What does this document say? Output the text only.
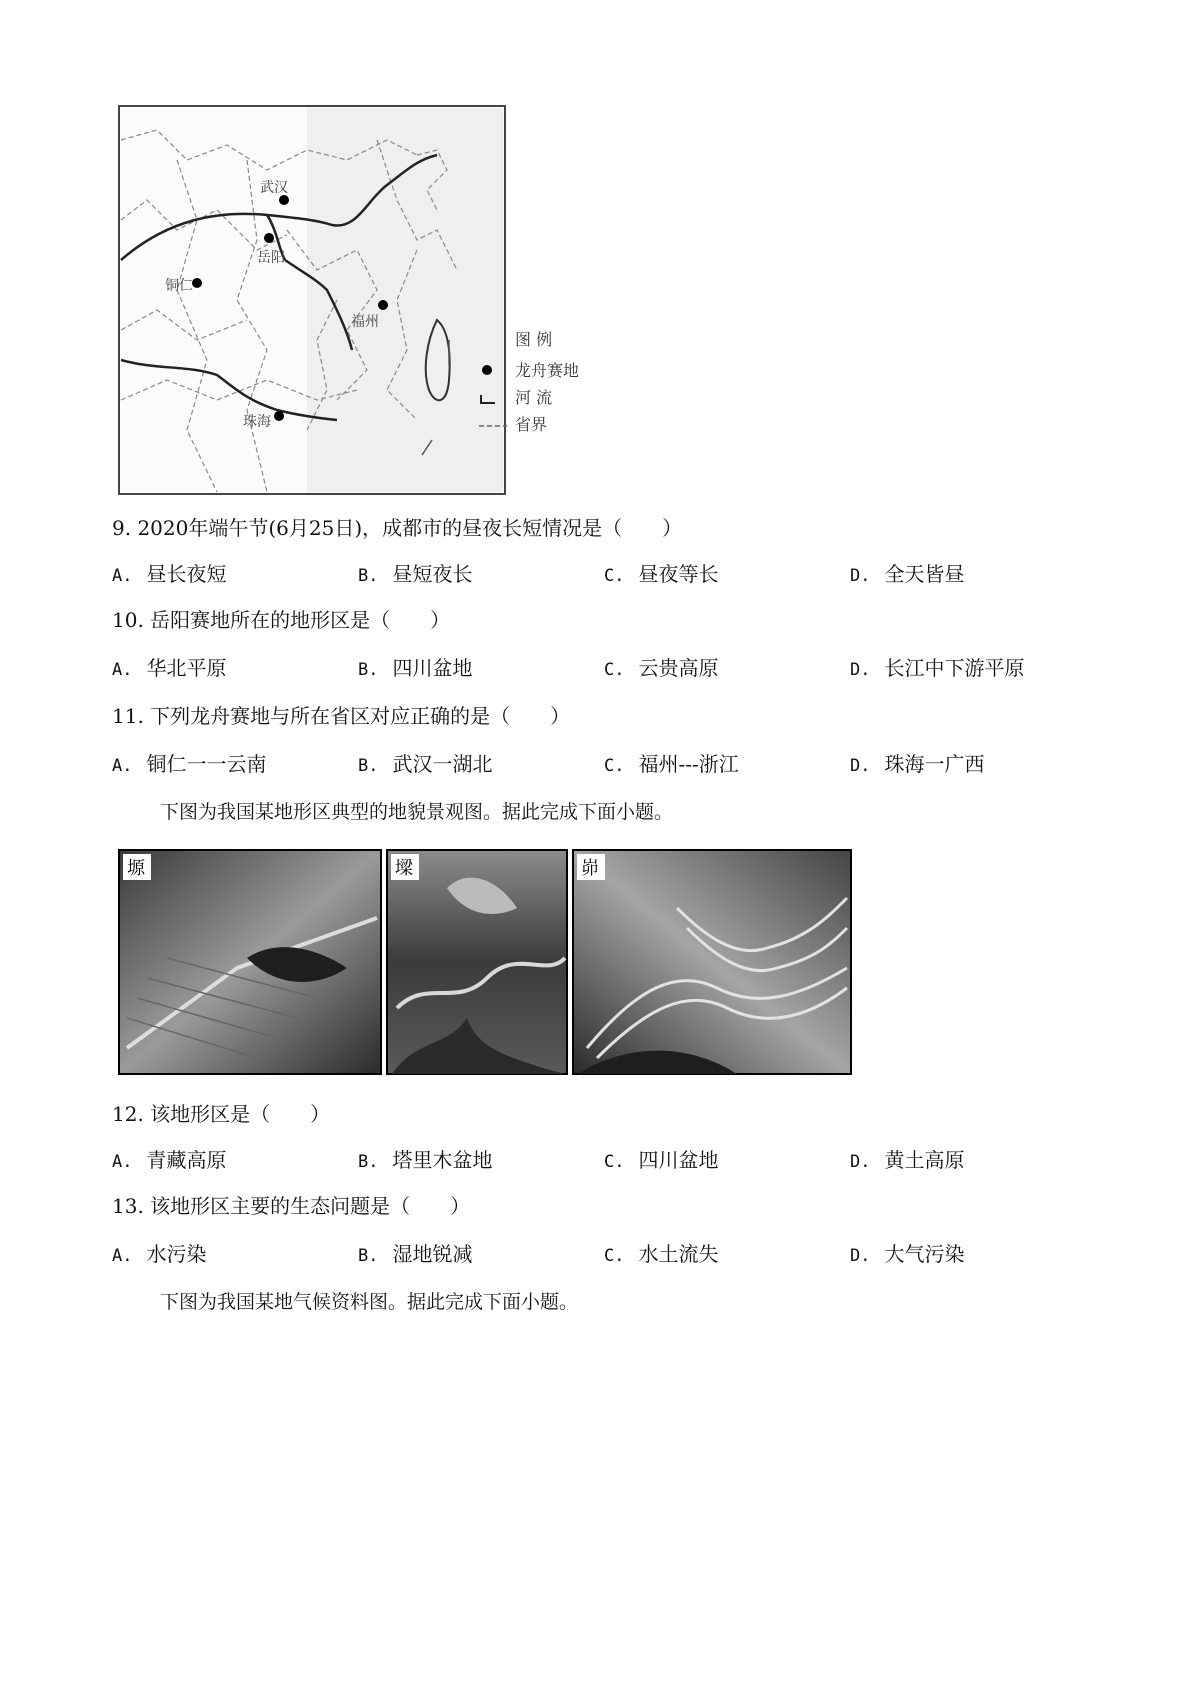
武汉
岳阳
铜仁
福州
珠海
图 例
龙舟赛地
河 流
省界
9. 2020年端午节(6月25日)，成都市的昼夜长短情况是（　　）
A. 昼长夜短	B. 昼短夜长	C. 昼夜等长	D. 全天皆昼
10. 岳阳赛地所在的地形区是（　　）
A. 华北平原	B. 四川盆地	C. 云贵高原	D. 长江中下游平原
11. 下列龙舟赛地与所在省区对应正确的是（　　）
A. 铜仁一一云南	B. 武汉一湖北	C. 福州---浙江	D. 珠海一广西
下图为我国某地形区典型的地貌景观图。据此完成下面小题。
塬	墚	峁
12. 该地形区是（　　）
A. 青藏高原	B. 塔里木盆地	C. 四川盆地	D. 黄土高原
13. 该地形区主要的生态问题是（　　）
A. 水污染	B. 湿地锐减	C. 水土流失	D. 大气污染
下图为我国某地气候资料图。据此完成下面小题。
